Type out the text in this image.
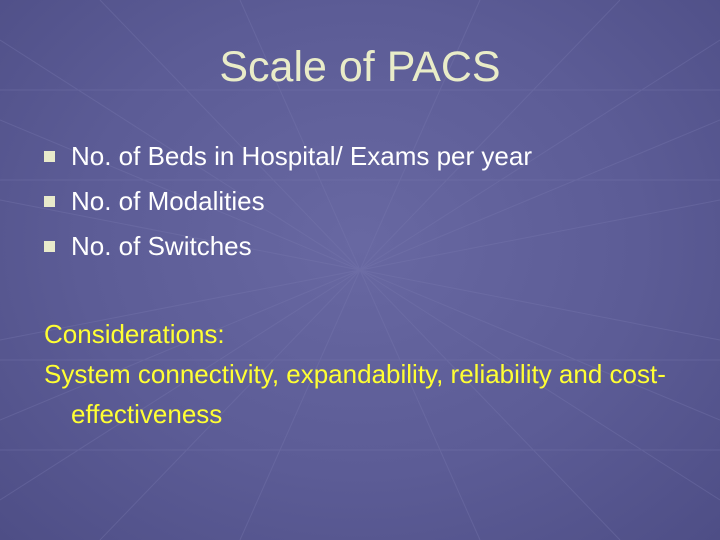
Scale of PACS
No. of Beds in Hospital/ Exams per year
No. of Modalities
No. of Switches
Considerations:
System connectivity, expandability, reliability and cost-effectiveness
